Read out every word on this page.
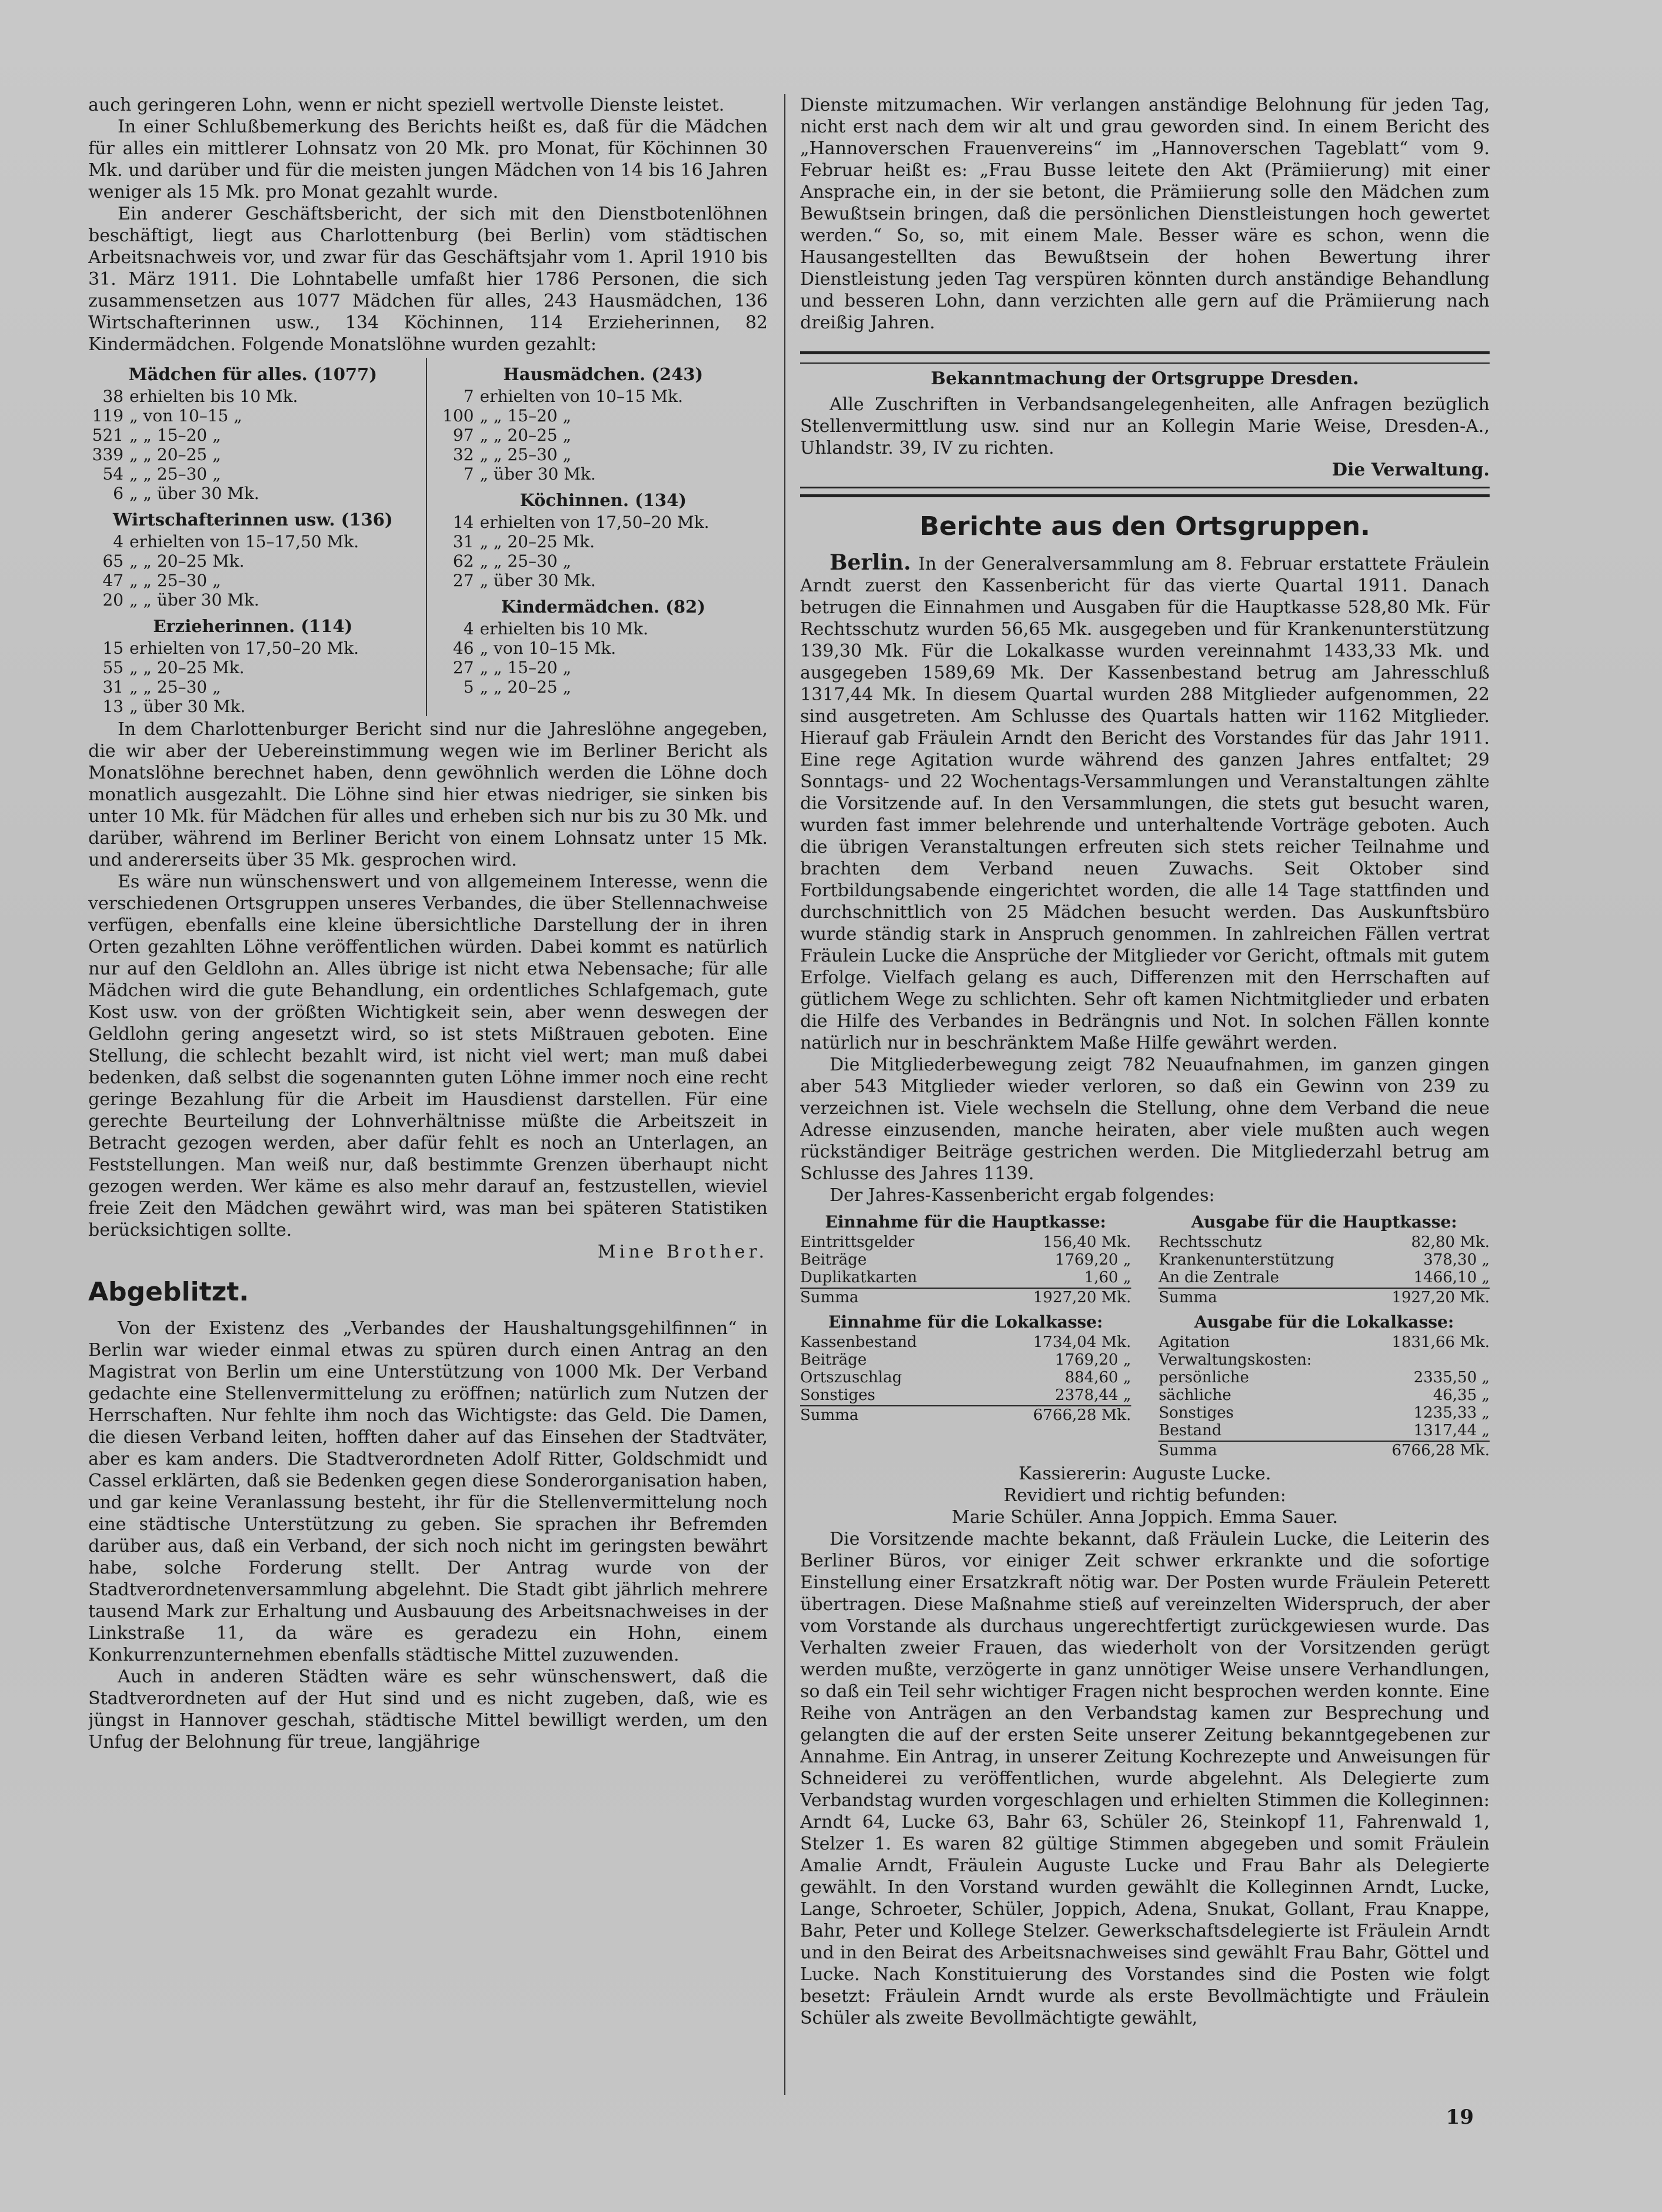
auch geringeren Lohn, wenn er nicht speziell wertvolle Dienste leistet.

In einer Schlußbemerkung des Berichts heißt es, daß für die Mädchen für alles ein mittlerer Lohnsatz von 20 Mk. pro Monat, für Köchinnen 30 Mk. und darüber und für die meisten jungen Mädchen von 14 bis 16 Jahren weniger als 15 Mk. pro Monat gezahlt wurde.

Ein anderer Geschäftsbericht, der sich mit den Dienstbotenlöhnen beschäftigt, liegt aus Charlottenburg (bei Berlin) vom städtischen Arbeitsnachweis vor, und zwar für das Geschäftsjahr vom 1. April 1910 bis 31. März 1911. Die Lohntabelle umfaßt hier 1786 Personen, die sich zusammensetzen aus 1077 Mädchen für alles, 243 Hausmädchen, 136 Wirtschafterinnen usw., 134 Köchinnen, 114 Erzieherinnen, 82 Kindermädchen. Folgende Monatslöhne wurden gezahlt:

Mädchen für alles. (1077)
38 erhielten bis 10 Mk.
119 „ von 10–15 „
521 „ „ 15–20 „
339 „ „ 20–25 „
54 „ „ 25–30 „
6 „ „ über 30 Mk.
Wirtschafterinnen usw. (136)
4 erhielten von 15–17,50 Mk.
65 „ „ 20–25 Mk.
47 „ „ 25–30 „
20 „ „ über 30 Mk.
Erzieherinnen. (114)
15 erhielten von 17,50–20 Mk.
55 „ „ 20–25 Mk.
31 „ „ 25–30 „
13 „ über 30 Mk.
Hausmädchen. (243)
7 erhielten von 10–15 Mk.
100 „ „ 15–20 „
97 „ „ 20–25 „
32 „ „ 25–30 „
7 „ über 30 Mk.
Köchinnen. (134)
14 erhielten von 17,50–20 Mk.
31 „ „ 20–25 Mk.
62 „ „ 25–30 „
27 „ über 30 Mk.
Kindermädchen. (82)
4 erhielten bis 10 Mk.
46 „ von 10–15 Mk.
27 „ „ 15–20 „
5 „ „ 20–25 „

In dem Charlottenburger Bericht sind nur die Jahreslöhne angegeben, die wir aber der Uebereinstimmung wegen wie im Berliner Bericht als Monatslöhne berechnet haben, denn gewöhnlich werden die Löhne doch monatlich ausgezahlt. Die Löhne sind hier etwas niedriger, sie sinken bis unter 10 Mk. für Mädchen für alles und erheben sich nur bis zu 30 Mk. und darüber, während im Berliner Bericht von einem Lohnsatz unter 15 Mk. und andererseits über 35 Mk. gesprochen wird.

Es wäre nun wünschenswert und von allgemeinem Interesse, wenn die verschiedenen Ortsgruppen unseres Verbandes, die über Stellennachweise verfügen, ebenfalls eine kleine übersichtliche Darstellung der in ihren Orten gezahlten Löhne veröffentlichen würden. Dabei kommt es natürlich nur auf den Geldlohn an. Alles übrige ist nicht etwa Nebensache; für alle Mädchen wird die gute Behandlung, ein ordentliches Schlafgemach, gute Kost usw. von der größten Wichtigkeit sein, aber wenn deswegen der Geldlohn gering angesetzt wird, so ist stets Mißtrauen geboten. Eine Stellung, die schlecht bezahlt wird, ist nicht viel wert; man muß dabei bedenken, daß selbst die sogenannten guten Löhne immer noch eine recht geringe Bezahlung für die Arbeit im Hausdienst darstellen. Für eine gerechte Beurteilung der Lohnverhältnisse müßte die Arbeitszeit in Betracht gezogen werden, aber dafür fehlt es noch an Unterlagen, an Feststellungen. Man weiß nur, daß bestimmte Grenzen überhaupt nicht gezogen werden. Wer käme es also mehr darauf an, festzustellen, wieviel freie Zeit den Mädchen gewährt wird, was man bei späteren Statistiken berücksichtigen sollte.

Mine Brother.

Abgeblitzt.

Von der Existenz des „Verbandes der Haushaltungsgehilfinnen“ in Berlin war wieder einmal etwas zu spüren durch einen Antrag an den Magistrat von Berlin um eine Unterstützung von 1000 Mk. Der Verband gedachte eine Stellenvermittelung zu eröffnen; natürlich zum Nutzen der Herrschaften. Nur fehlte ihm noch das Wichtigste: das Geld. Die Damen, die diesen Verband leiten, hofften daher auf das Einsehen der Stadtväter, aber es kam anders. Die Stadtverordneten Adolf Ritter, Goldschmidt und Cassel erklärten, daß sie Bedenken gegen diese Sonderorganisation haben, und gar keine Veranlassung besteht, ihr für die Stellenvermittelung noch eine städtische Unterstützung zu geben. Sie sprachen ihr Befremden darüber aus, daß ein Verband, der sich noch nicht im geringsten bewährt habe, solche Forderung stellt. Der Antrag wurde von der Stadtverordnetenversammlung abgelehnt. Die Stadt gibt jährlich mehrere tausend Mark zur Erhaltung und Ausbauung des Arbeitsnachweises in der Linkstraße 11, da wäre es geradezu ein Hohn, einem Konkurrenzunternehmen ebenfalls städtische Mittel zuzuwenden.

Auch in anderen Städten wäre es sehr wünschenswert, daß die Stadtverordneten auf der Hut sind und es nicht zugeben, daß, wie es jüngst in Hannover geschah, städtische Mittel bewilligt werden, um den Unfug der Belohnung für treue, langjährige

Dienste mitzumachen. Wir verlangen anständige Belohnung für jeden Tag, nicht erst nach dem wir alt und grau geworden sind. In einem Bericht des „Hannoverschen Frauenvereins“ im „Hannoverschen Tageblatt“ vom 9. Februar heißt es: „Frau Busse leitete den Akt (Prämiierung) mit einer Ansprache ein, in der sie betont, die Prämiierung solle den Mädchen zum Bewußtsein bringen, daß die persönlichen Dienstleistungen hoch gewertet werden.“ So, so, mit einem Male. Besser wäre es schon, wenn die Hausangestellten das Bewußtsein der hohen Bewertung ihrer Dienstleistung jeden Tag verspüren könnten durch anständige Behandlung und besseren Lohn, dann verzichten alle gern auf die Prämiierung nach dreißig Jahren.

Bekanntmachung der Ortsgruppe Dresden.

Alle Zuschriften in Verbandsangelegenheiten, alle Anfragen bezüglich Stellenvermittlung usw. sind nur an Kollegin Marie Weise, Dresden-A., Uhlandstr. 39, IV zu richten.

Die Verwaltung.

Berichte aus den Ortsgruppen.

Berlin. In der Generalversammlung am 8. Februar erstattete Fräulein Arndt zuerst den Kassenbericht für das vierte Quartal 1911. Danach betrugen die Einnahmen und Ausgaben für die Hauptkasse 528,80 Mk. Für Rechtsschutz wurden 56,65 Mk. ausgegeben und für Krankenunterstützung 139,30 Mk. Für die Lokalkasse wurden vereinnahmt 1433,33 Mk. und ausgegeben 1589,69 Mk. Der Kassenbestand betrug am Jahresschluß 1317,44 Mk. In diesem Quartal wurden 288 Mitglieder aufgenommen, 22 sind ausgetreten. Am Schlusse des Quartals hatten wir 1162 Mitglieder. Hierauf gab Fräulein Arndt den Bericht des Vorstandes für das Jahr 1911. Eine rege Agitation wurde während des ganzen Jahres entfaltet; 29 Sonntags- und 22 Wochentags-Versammlungen und Veranstaltungen zählte die Vorsitzende auf. In den Versammlungen, die stets gut besucht waren, wurden fast immer belehrende und unterhaltende Vorträge geboten. Auch die übrigen Veranstaltungen erfreuten sich stets reicher Teilnahme und brachten dem Verband neuen Zuwachs. Seit Oktober sind Fortbildungsabende eingerichtet worden, die alle 14 Tage stattfinden und durchschnittlich von 25 Mädchen besucht werden. Das Auskunftsbüro wurde ständig stark in Anspruch genommen. In zahlreichen Fällen vertrat Fräulein Lucke die Ansprüche der Mitglieder vor Gericht, oftmals mit gutem Erfolge. Vielfach gelang es auch, Differenzen mit den Herrschaften auf gütlichem Wege zu schlichten. Sehr oft kamen Nichtmitglieder und erbaten die Hilfe des Verbandes in Bedrängnis und Not. In solchen Fällen konnte natürlich nur in beschränktem Maße Hilfe gewährt werden.

Die Mitgliederbewegung zeigt 782 Neuaufnahmen, im ganzen gingen aber 543 Mitglieder wieder verloren, so daß ein Gewinn von 239 zu verzeichnen ist. Viele wechseln die Stellung, ohne dem Verband die neue Adresse einzusenden, manche heiraten, aber viele mußten auch wegen rückständiger Beiträge gestrichen werden. Die Mitgliederzahl betrug am Schlusse des Jahres 1139.

Der Jahres-Kassenbericht ergab folgendes:

Einnahme für die Hauptkasse:
Eintrittsgelder	156,40 Mk.
Beiträge	1769,20 „
Duplikatkarten	1,60 „
Summa	1927,20 Mk.
Ausgabe für die Hauptkasse:
Rechtsschutz	82,80 Mk.
Krankenunterstützung	378,30 „
An die Zentrale	1466,10 „
Summa	1927,20 Mk.
Einnahme für die Lokalkasse:
Kassenbestand	1734,04 Mk.
Beiträge	1769,20 „
Ortszuschlag	884,60 „
Sonstiges	2378,44 „
Summa	6766,28 Mk.
Ausgabe für die Lokalkasse:
Agitation	1831,66 Mk.
Verwaltungskosten:
persönliche	2335,50 „
sächliche	46,35 „
Sonstiges	1235,33 „
Bestand	1317,44 „
Summa	6766,28 Mk.

Kassiererin: Auguste Lucke.

Revidiert und richtig befunden:

Marie Schüler. Anna Joppich. Emma Sauer.

Die Vorsitzende machte bekannt, daß Fräulein Lucke, die Leiterin des Berliner Büros, vor einiger Zeit schwer erkrankte und die sofortige Einstellung einer Ersatzkraft nötig war. Der Posten wurde Fräulein Peterett übertragen. Diese Maßnahme stieß auf vereinzelten Widerspruch, der aber vom Vorstande als durchaus ungerechtfertigt zurückgewiesen wurde. Das Verhalten zweier Frauen, das wiederholt von der Vorsitzenden gerügt werden mußte, verzögerte in ganz unnötiger Weise unsere Verhandlungen, so daß ein Teil sehr wichtiger Fragen nicht besprochen werden konnte. Eine Reihe von Anträgen an den Verbandstag kamen zur Besprechung und gelangten die auf der ersten Seite unserer Zeitung bekanntgegebenen zur Annahme. Ein Antrag, in unserer Zeitung Kochrezepte und Anweisungen für Schneiderei zu veröffentlichen, wurde abgelehnt. Als Delegierte zum Verbandstag wurden vorgeschlagen und erhielten Stimmen die Kolleginnen: Arndt 64, Lucke 63, Bahr 63, Schüler 26, Steinkopf 11, Fahrenwald 1, Stelzer 1. Es waren 82 gültige Stimmen abgegeben und somit Fräulein Amalie Arndt, Fräulein Auguste Lucke und Frau Bahr als Delegierte gewählt. In den Vorstand wurden gewählt die Kolleginnen Arndt, Lucke, Lange, Schroeter, Schüler, Joppich, Adena, Snukat, Gollant, Frau Knappe, Bahr, Peter und Kollege Stelzer. Gewerkschaftsdelegierte ist Fräulein Arndt und in den Beirat des Arbeitsnachweises sind gewählt Frau Bahr, Göttel und Lucke. Nach Konstituierung des Vorstandes sind die Posten wie folgt besetzt: Fräulein Arndt wurde als erste Bevollmächtigte und Fräulein Schüler als zweite Bevollmächtigte gewählt,

19
